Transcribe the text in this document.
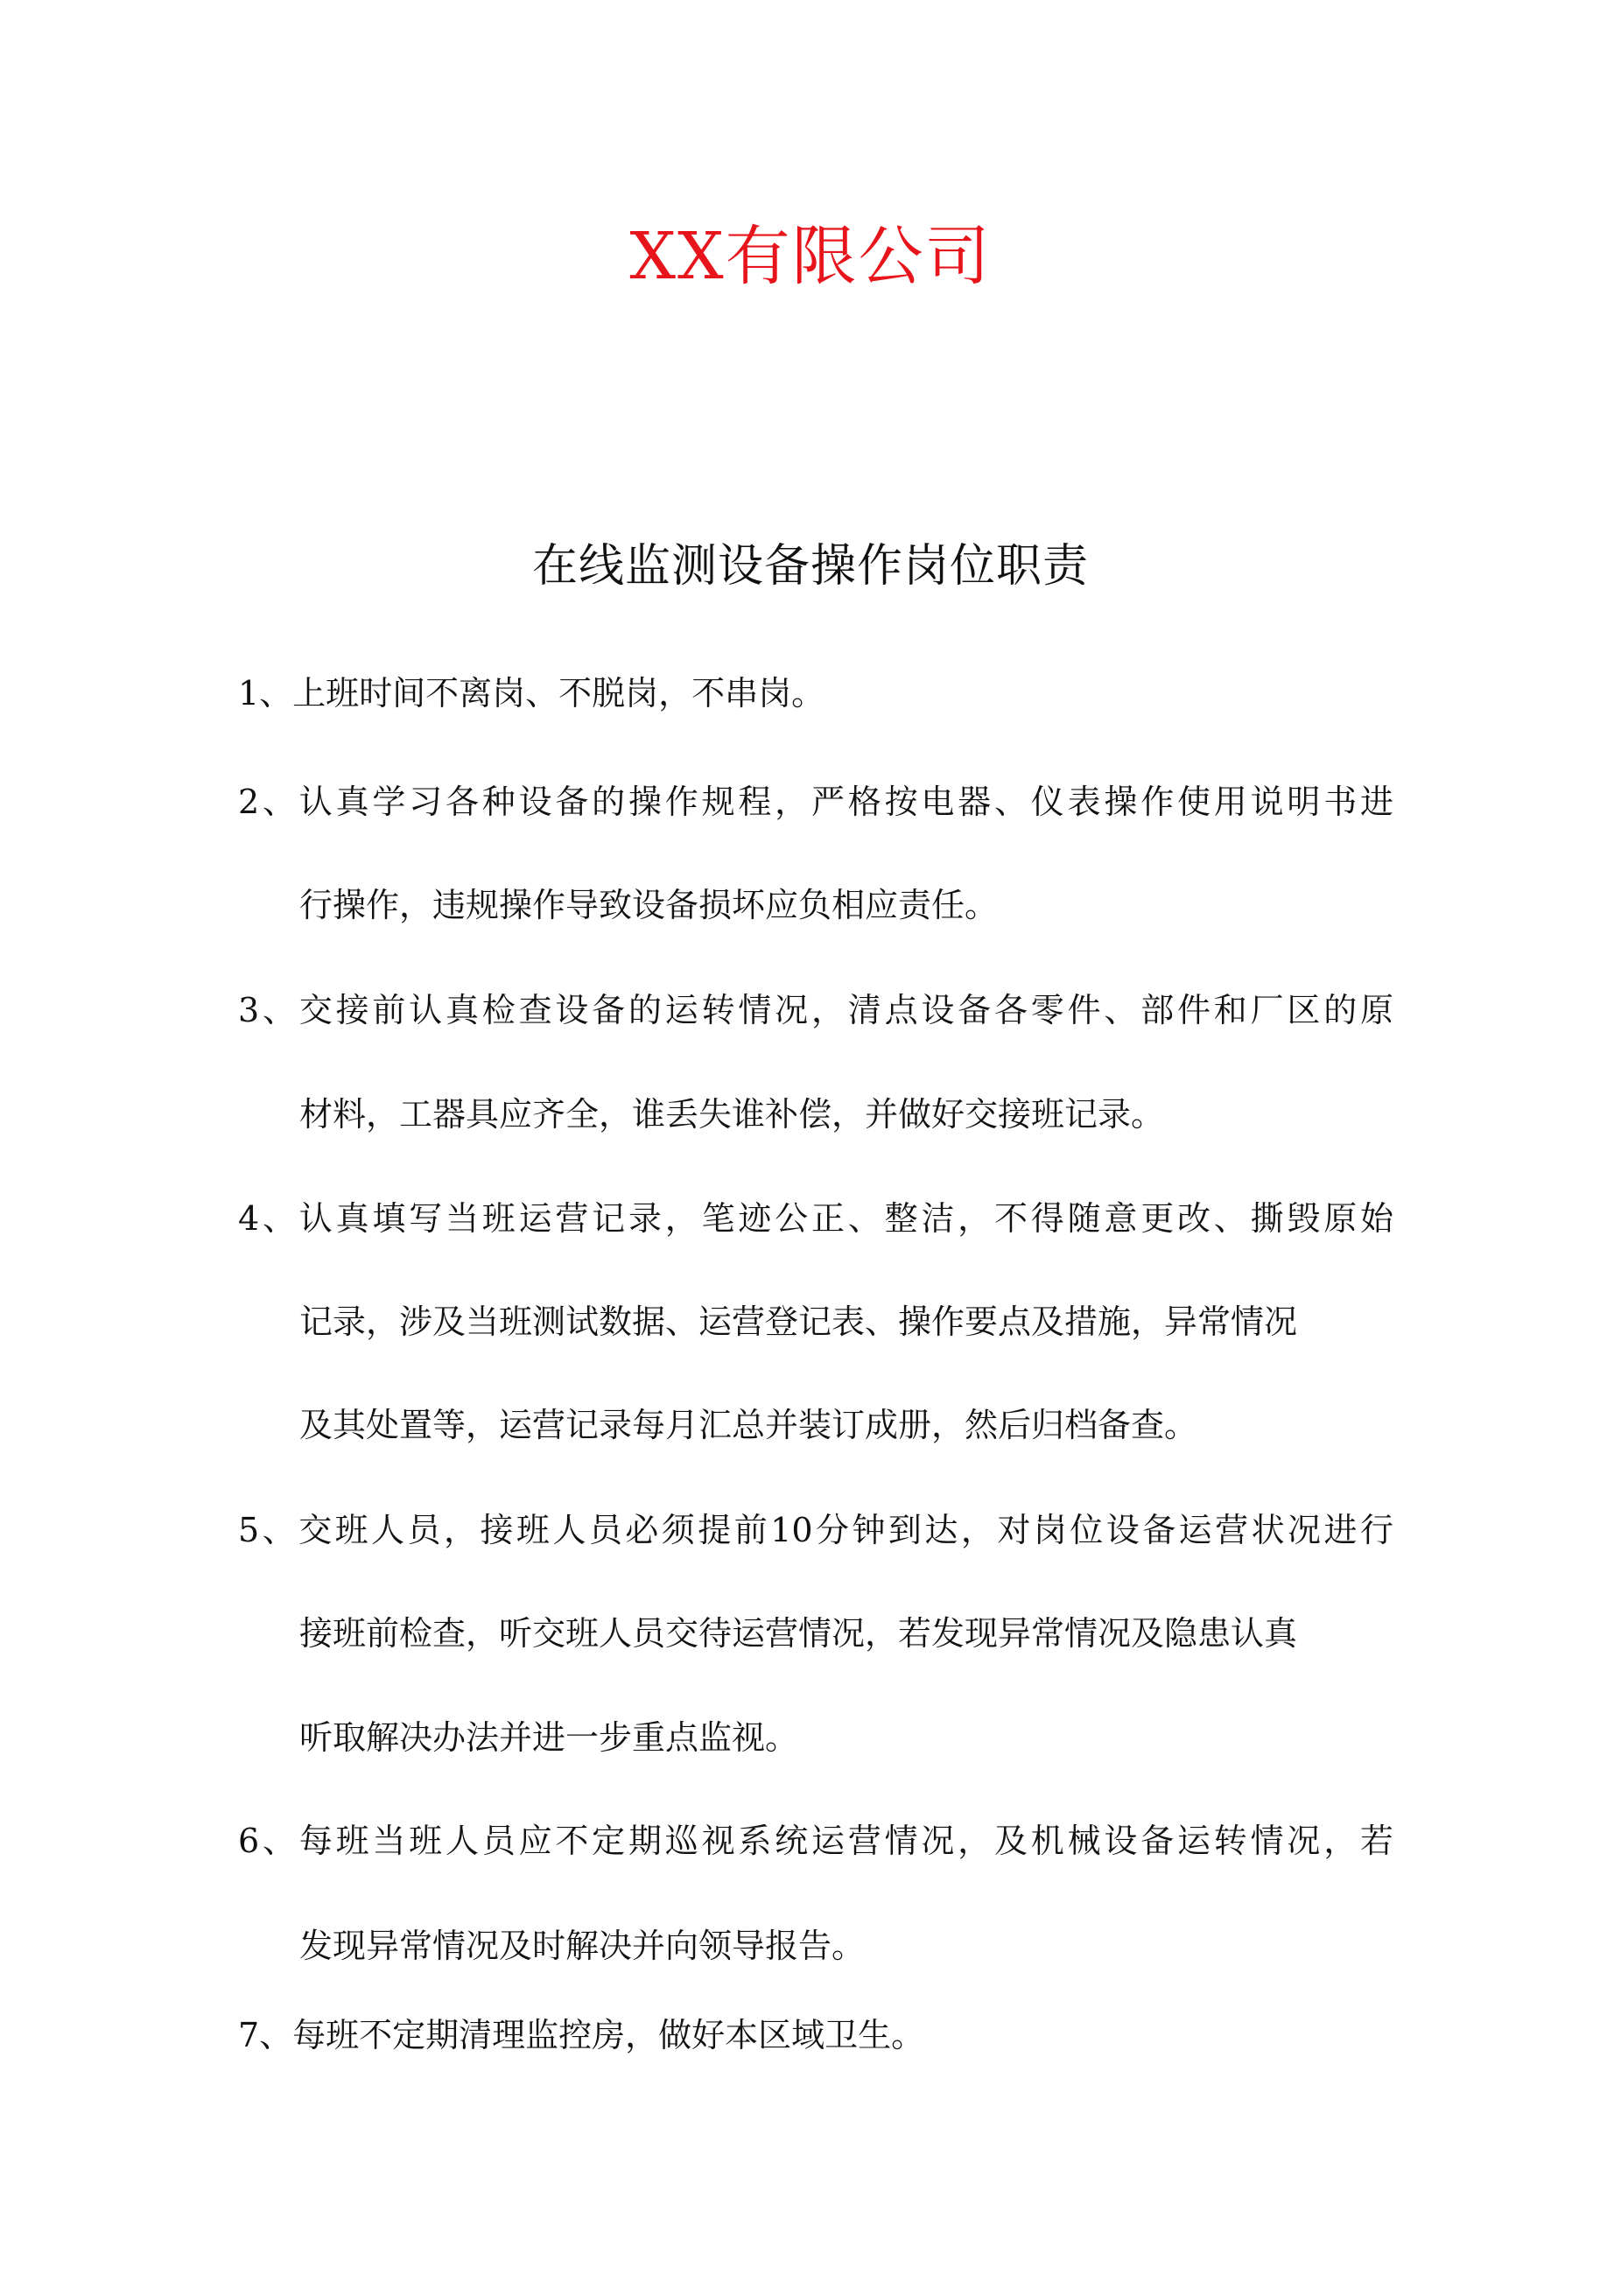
XX有限公司
在线监测设备操作岗位职责
1、上班时间不离岗、不脱岗，不串岗。
2、认真学习各种设备的操作规程，严格按电器、仪表操作使用说明书进
行操作，违规操作导致设备损坏应负相应责任。
3、交接前认真检查设备的运转情况，清点设备各零件、部件和厂区的原
材料，工器具应齐全，谁丢失谁补偿，并做好交接班记录。
4、认真填写当班运营记录，笔迹公正、整洁，不得随意更改、撕毁原始
记录，涉及当班测试数据、运营登记表、操作要点及措施，异常情况
及其处置等，运营记录每月汇总并装订成册，然后归档备查。
5、交班人员，接班人员必须提前10分钟到达，对岗位设备运营状况进行
接班前检查，听交班人员交待运营情况，若发现异常情况及隐患认真
听取解决办法并进一步重点监视。
6、每班当班人员应不定期巡视系统运营情况，及机械设备运转情况，若
发现异常情况及时解决并向领导报告。
7、每班不定期清理监控房，做好本区域卫生。
